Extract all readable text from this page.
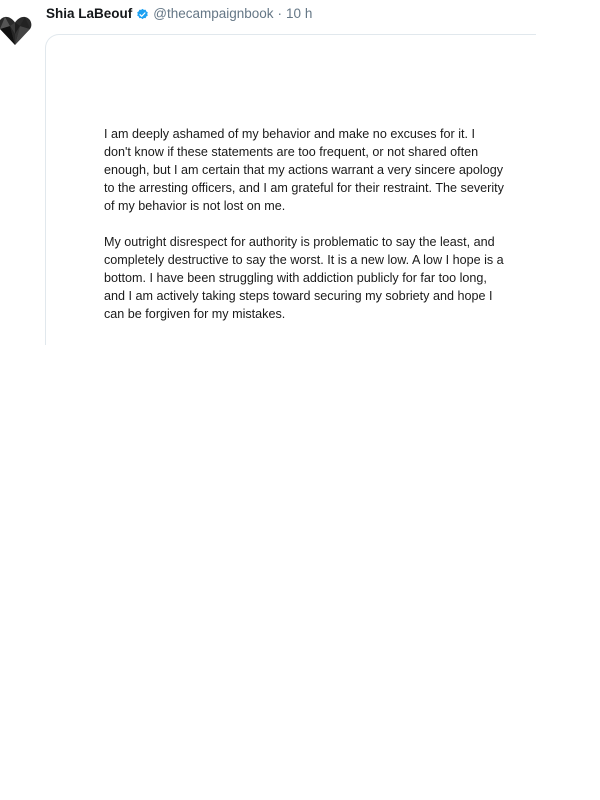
Shia LaBeouf @thecampaignbook · 10 h

I am deeply ashamed of my behavior and make no excuses for it. I don't know if these statements are too frequent, or not shared often enough, but I am certain that my actions warrant a very sincere apology to the arresting officers, and I am grateful for their restraint. The severity of my behavior is not lost on me.

My outright disrespect for authority is problematic to say the least, and completely destructive to say the worst. It is a new low. A low I hope is a bottom. I have been struggling with addiction publicly for far too long, and I am actively taking steps toward securing my sobriety and hope I can be forgiven for my mistakes.
